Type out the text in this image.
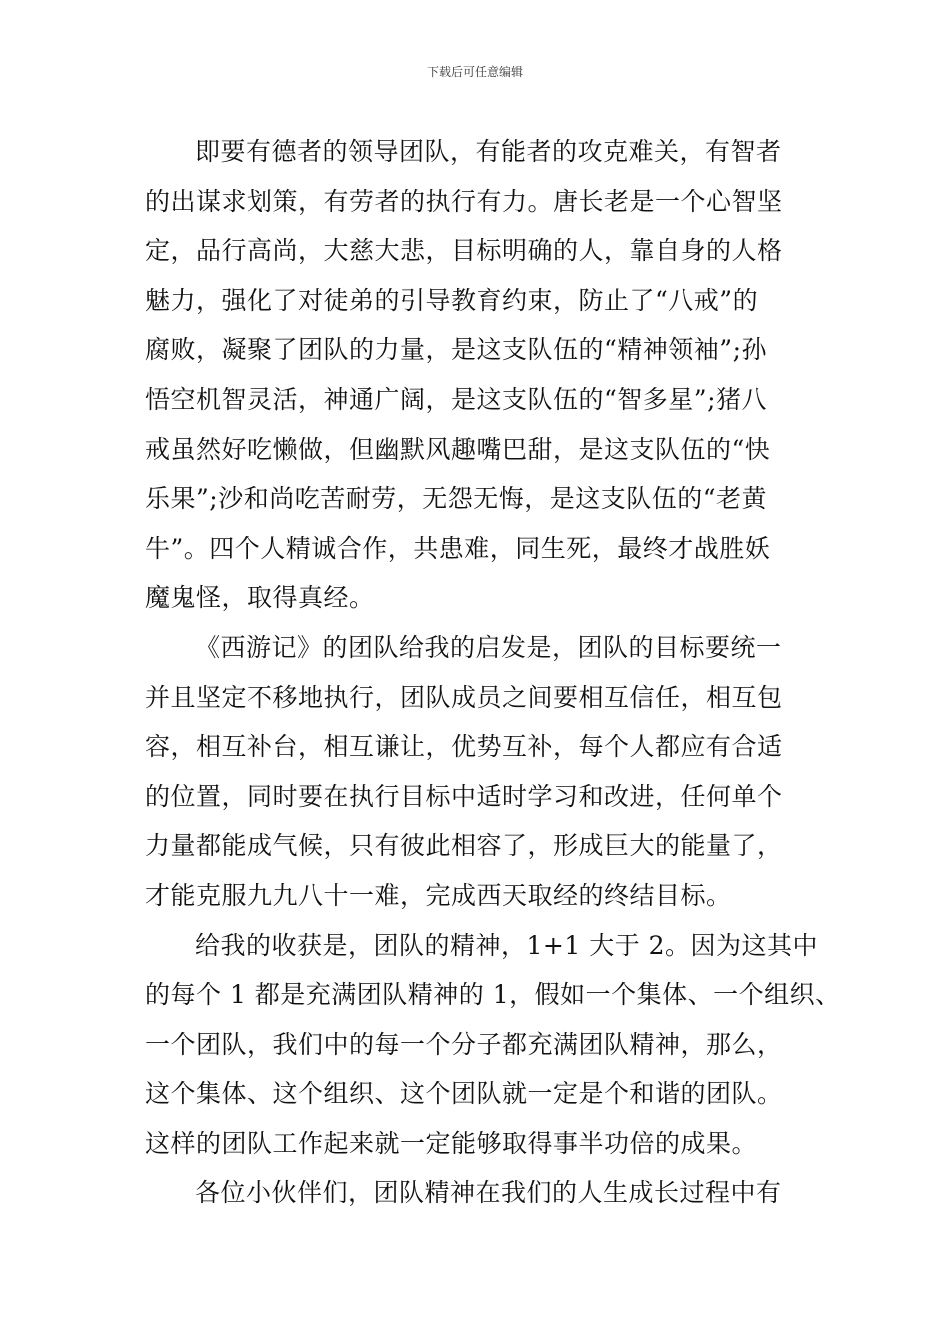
下载后可任意编辑
即要有德者的领导团队，有能者的攻克难关，有智者
的出谋求划策，有劳者的执行有力。唐长老是一个心智坚
定，品行高尚，大慈大悲，目标明确的人，靠自身的人格
魅力，强化了对徒弟的引导教育约束，防止了“八戒”的
腐败，凝聚了团队的力量，是这支队伍的“精神领袖”;孙
悟空机智灵活，神通广阔，是这支队伍的“智多星”;猪八
戒虽然好吃懒做，但幽默风趣嘴巴甜，是这支队伍的“快
乐果”;沙和尚吃苦耐劳，无怨无悔，是这支队伍的“老黄
牛”。四个人精诚合作，共患难，同生死，最终才战胜妖
魔鬼怪，取得真经。
《西游记》的团队给我的启发是，团队的目标要统一
并且坚定不移地执行，团队成员之间要相互信任，相互包
容，相互补台，相互谦让，优势互补，每个人都应有合适
的位置，同时要在执行目标中适时学习和改进，任何单个
力量都能成气候，只有彼此相容了，形成巨大的能量了，
才能克服九九八十一难，完成西天取经的终结目标。
给我的收获是，团队的精神，1+1 大于 2。因为这其中
的每个 1 都是充满团队精神的 1，假如一个集体、一个组织、
一个团队，我们中的每一个分子都充满团队精神，那么，
这个集体、这个组织、这个团队就一定是个和谐的团队。
这样的团队工作起来就一定能够取得事半功倍的成果。
各位小伙伴们，团队精神在我们的人生成长过程中有
